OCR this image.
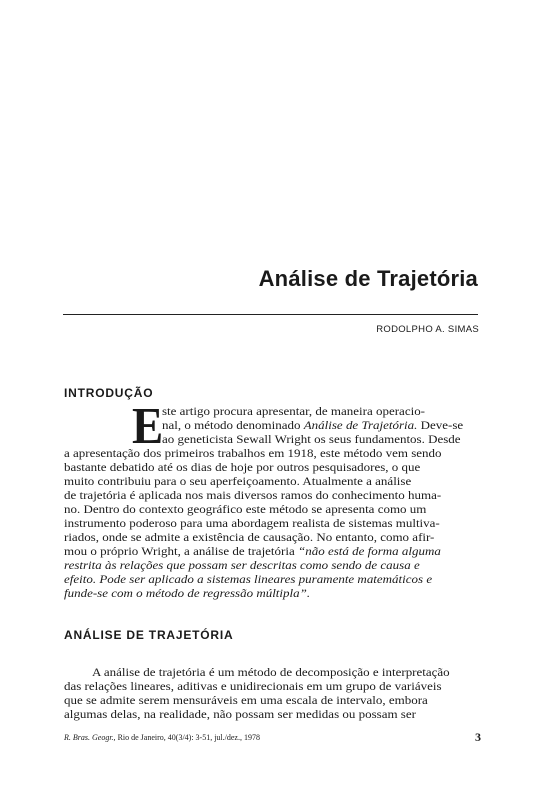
Análise de Trajetória
RODOLPHO A. SIMAS
INTRODUÇÃO
E
ste artigo procura apresentar, de maneira operacio-
nal, o método denominado Análise de Trajetória. Deve-se
ao geneticista Sewall Wright os seus fundamentos. Desde
a apresentação dos primeiros trabalhos em 1918, este método vem sendo
bastante debatido até os dias de hoje por outros pesquisadores, o que
muito contribuiu para o seu aperfeiçoamento. Atualmente a análise
de trajetória é aplicada nos mais diversos ramos do conhecimento huma-
no. Dentro do contexto geográfico este método se apresenta como um
instrumento poderoso para uma abordagem realista de sistemas multiva-
riados, onde se admite a existência de causação. No entanto, como afir-
mou o próprio Wright, a análise de trajetória “não está de forma alguma
restrita às relações que possam ser descritas como sendo de causa e
efeito. Pode ser aplicado a sistemas lineares puramente matemáticos e
funde-se com o método de regressão múltipla”.
ANÁLISE DE TRAJETÓRIA
A análise de trajetória é um método de decomposição e interpretação
das relações lineares, aditivas e unidirecionais em um grupo de variáveis
que se admite serem mensuráveis em uma escala de intervalo, embora
algumas delas, na realidade, não possam ser medidas ou possam ser
R. Bras. Geogr., Rio de Janeiro, 40(3/4): 3-51, jul./dez., 1978	3
